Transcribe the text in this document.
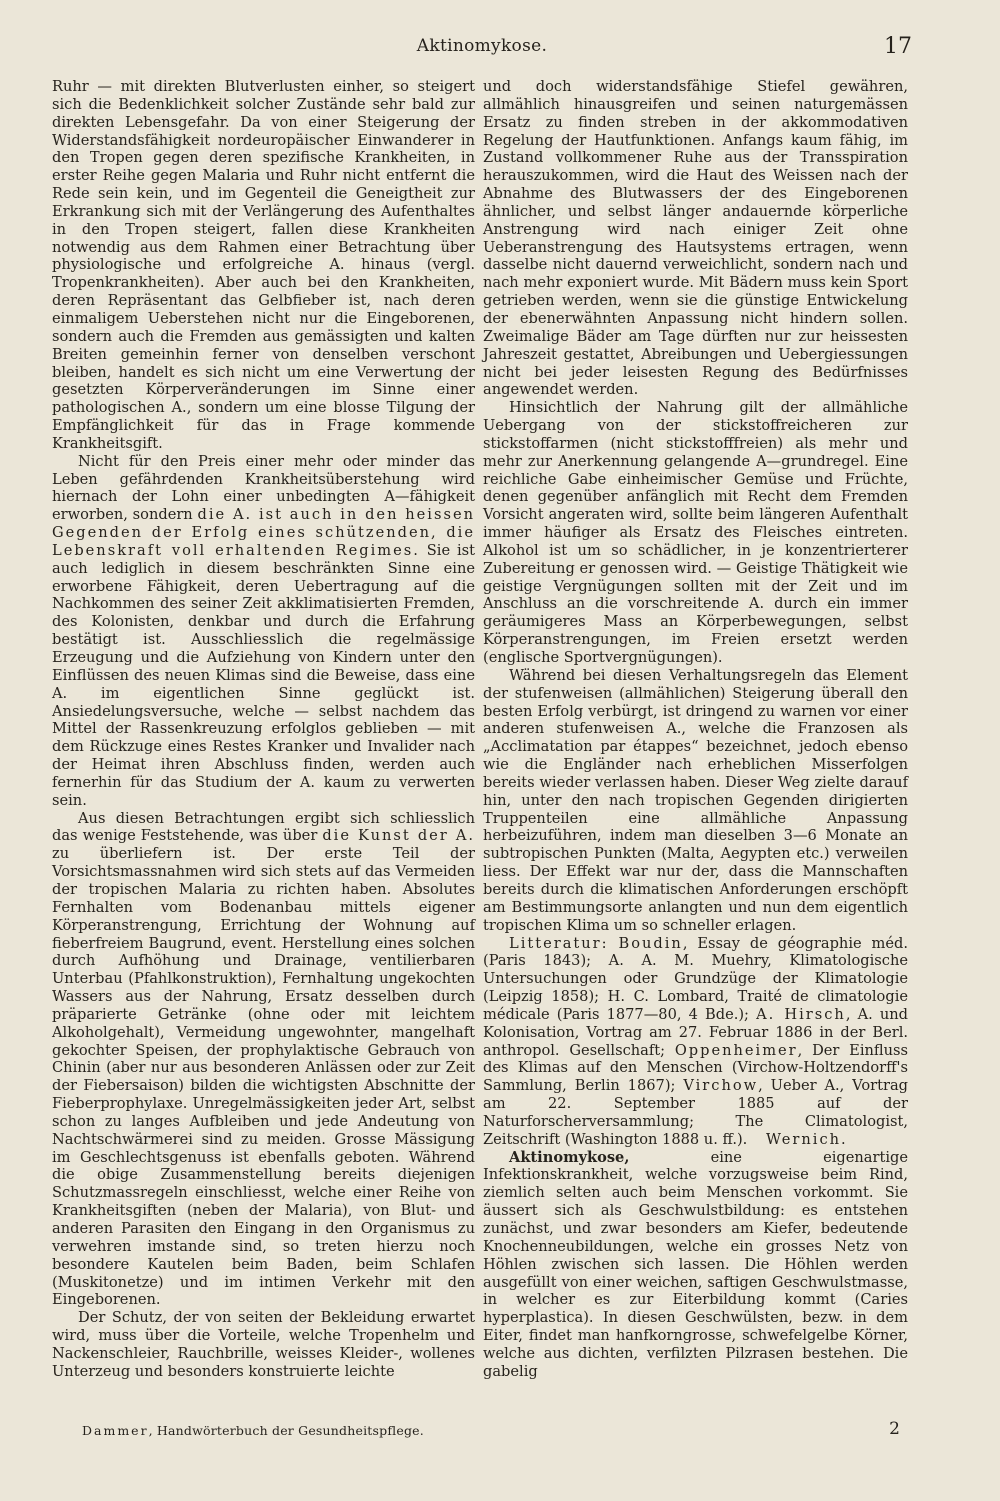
Aktinomykose.	17

Ruhr — mit direkten Blutverlusten einher, so steigert sich die Bedenklichkeit solcher Zustände sehr bald zur direkten Lebensgefahr. Da von einer Steigerung der Widerstandsfähigkeit nordeuropäischer Einwanderer in den Tropen gegen deren spezifische Krankheiten, in erster Reihe gegen Malaria und Ruhr nicht entfernt die Rede sein kein, und im Gegenteil die Geneigtheit zur Erkrankung sich mit der Verlängerung des Aufenthaltes in den Tropen steigert, fallen diese Krankheiten notwendig aus dem Rahmen einer Betrachtung über physiologische und erfolgreiche A. hinaus (vergl. Tropenkrankheiten). Aber auch bei den Krankheiten, deren Repräsentant das Gelbfieber ist, nach deren einmaligem Ueberstehen nicht nur die Eingeborenen, sondern auch die Fremden aus gemässigten und kalten Breiten gemeinhin ferner von denselben verschont bleiben, handelt es sich nicht um eine Verwertung der gesetzten Körperveränderungen im Sinne einer pathologischen A., sondern um eine blosse Tilgung der Empfänglichkeit für das in Frage kommende Krankheitsgift.

Nicht für den Preis einer mehr oder minder das Leben gefährdenden Krankheitsüberstehung wird hiernach der Lohn einer unbedingten A—fähigkeit erworben, sondern die A. ist auch in den heissen Gegenden der Erfolg eines schützenden, die Lebenskraft voll erhaltenden Regimes. Sie ist auch lediglich in diesem beschränkten Sinne eine erworbene Fähigkeit, deren Uebertragung auf die Nachkommen des seiner Zeit akklimatisierten Fremden, des Kolonisten, denkbar und durch die Erfahrung bestätigt ist. Ausschliesslich die regelmässige Erzeugung und die Aufziehung von Kindern unter den Einflüssen des neuen Klimas sind die Beweise, dass eine A. im eigentlichen Sinne geglückt ist. Ansiedelungsversuche, welche — selbst nachdem das Mittel der Rassenkreuzung erfolglos geblieben — mit dem Rückzuge eines Restes Kranker und Invalider nach der Heimat ihren Abschluss finden, werden auch fernerhin für das Studium der A. kaum zu verwerten sein.

Aus diesen Betrachtungen ergibt sich schliesslich das wenige Feststehende, was über die Kunst der A. zu überliefern ist. Der erste Teil der Vorsichtsmassnahmen wird sich stets auf das Vermeiden der tropischen Malaria zu richten haben. Absolutes Fernhalten vom Bodenanbau mittels eigener Körperanstrengung, Errichtung der Wohnung auf fieberfreiem Baugrund, event. Herstellung eines solchen durch Aufhöhung und Drainage, ventilierbaren Unterbau (Pfahlkonstruktion), Fernhaltung ungekochten Wassers aus der Nahrung, Ersatz desselben durch präparierte Getränke (ohne oder mit leichtem Alkoholgehalt), Vermeidung ungewohnter, mangelhaft gekochter Speisen, der prophylaktische Gebrauch von Chinin (aber nur aus besonderen Anlässen oder zur Zeit der Fiebersaison) bilden die wichtigsten Abschnitte der Fieberprophylaxe. Unregelmässigkeiten jeder Art, selbst schon zu langes Aufbleiben und jede Andeutung von Nachtschwärmerei sind zu meiden. Grosse Mässigung im Geschlechtsgenuss ist ebenfalls geboten. Während die obige Zusammenstellung bereits diejenigen Schutzmassregeln einschliesst, welche einer Reihe von Krankheitsgiften (neben der Malaria), von Blut- und anderen Parasiten den Eingang in den Organismus zu verwehren imstande sind, so treten hierzu noch besondere Kautelen beim Baden, beim Schlafen (Muskitonetze) und im intimen Verkehr mit den Eingeborenen.

Der Schutz, der von seiten der Bekleidung erwartet wird, muss über die Vorteile, welche Tropenhelm und Nackenschleier, Rauchbrille, weisses Kleider-, wollenes Unterzeug und besonders konstruierte leichte

und doch widerstandsfähige Stiefel gewähren, allmählich hinausgreifen und seinen naturgemässen Ersatz zu finden streben in der akkommodativen Regelung der Hautfunktionen. Anfangs kaum fähig, im Zustand vollkommener Ruhe aus der Transspiration herauszukommen, wird die Haut des Weissen nach der Abnahme des Blutwassers der des Eingeborenen ähnlicher, und selbst länger andauernde körperliche Anstrengung wird nach einiger Zeit ohne Ueberanstrengung des Hautsystems ertragen, wenn dasselbe nicht dauernd verweichlicht, sondern nach und nach mehr exponiert wurde. Mit Bädern muss kein Sport getrieben werden, wenn sie die günstige Entwickelung der ebenerwähnten Anpassung nicht hindern sollen. Zweimalige Bäder am Tage dürften nur zur heissesten Jahreszeit gestattet, Abreibungen und Uebergiessungen nicht bei jeder leisesten Regung des Bedürfnisses angewendet werden.

Hinsichtlich der Nahrung gilt der allmähliche Uebergang von der stickstoffreicheren zur stickstoffarmen (nicht stickstofffreien) als mehr und mehr zur Anerkennung gelangende A—grundregel. Eine reichliche Gabe einheimischer Gemüse und Früchte, denen gegenüber anfänglich mit Recht dem Fremden Vorsicht angeraten wird, sollte beim längeren Aufenthalt immer häufiger als Ersatz des Fleisches eintreten. Alkohol ist um so schädlicher, in je konzentrierterer Zubereitung er genossen wird. — Geistige Thätigkeit wie geistige Vergnügungen sollten mit der Zeit und im Anschluss an die vorschreitende A. durch ein immer geräumigeres Mass an Körperbewegungen, selbst Körperanstrengungen, im Freien ersetzt werden (englische Sportvergnügungen).

Während bei diesen Verhaltungsregeln das Element der stufenweisen (allmählichen) Steigerung überall den besten Erfolg verbürgt, ist dringend zu warnen vor einer anderen stufenweisen A., welche die Franzosen als „Acclimatation par étappes“ bezeichnet, jedoch ebenso wie die Engländer nach erheblichen Misserfolgen bereits wieder verlassen haben. Dieser Weg zielte darauf hin, unter den nach tropischen Gegenden dirigierten Truppenteilen eine allmähliche Anpassung herbeizuführen, indem man dieselben 3—6 Monate an subtropischen Punkten (Malta, Aegypten etc.) verweilen liess. Der Effekt war nur der, dass die Mannschaften bereits durch die klimatischen Anforderungen erschöpft am Bestimmungsorte anlangten und nun dem eigentlich tropischen Klima um so schneller erlagen.

Litteratur: Boudin, Essay de géographie méd. (Paris 1843); A. A. M. Muehry, Klimatologische Untersuchungen oder Grundzüge der Klimatologie (Leipzig 1858); H. C. Lombard, Traité de climatologie médicale (Paris 1877—80, 4 Bde.); A. Hirsch, A. und Kolonisation, Vortrag am 27. Februar 1886 in der Berl. anthropol. Gesellschaft; Oppenheimer, Der Einfluss des Klimas auf den Menschen (Virchow-Holtzendorff's Sammlung, Berlin 1867); Virchow, Ueber A., Vortrag am 22. September 1885 auf der Naturforscherversammlung; The Climatologist, Zeitschrift (Washington 1888 u. ff.). Wernich.

Aktinomykose, eine eigenartige Infektionskrankheit, welche vorzugsweise beim Rind, ziemlich selten auch beim Menschen vorkommt. Sie äussert sich als Geschwulstbildung: es entstehen zunächst, und zwar besonders am Kiefer, bedeutende Knochenneubildungen, welche ein grosses Netz von Höhlen zwischen sich lassen. Die Höhlen werden ausgefüllt von einer weichen, saftigen Geschwulstmasse, in welcher es zur Eiterbildung kommt (Caries hyperplastica). In diesen Geschwülsten, bezw. in dem Eiter, findet man hanfkorngrosse, schwefelgelbe Körner, welche aus dichten, verfilzten Pilzrasen bestehen. Die gabelig

Dammer, Handwörterbuch der Gesundheitspflege.	2
